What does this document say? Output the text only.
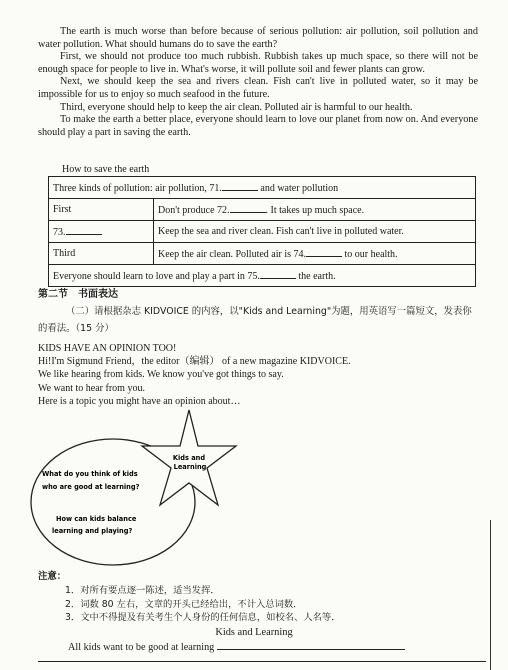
The earth is much worse than before because of serious pollution: air pollution, soil pollution and water pollution. What should humans do to save the earth?

First, we should not produce too much rubbish. Rubbish takes up much space, so there will not be enough space for people to live in. What's worse, it will pollute soil and fewer plants can grow.

Next, we should keep the sea and rivers clean. Fish can't live in polluted water, so it may be impossible for us to enjoy so much seafood in the future.

Third, everyone should help to keep the air clean. Polluted air is harmful to our health.

To make the earth a better place, everyone should learn to love our planet from now on. And everyone should play a part in saving the earth.

How to save the earth
Three kinds of pollution: air pollution, 71. and water pollution	
First	Don't produce 72. . It takes up much space.
73.	Keep the sea and river clean. Fish can't live in polluted water.
Third	Keep the air clean. Polluted air is 74. to our health.
Everyone should learn to love and play a part in 75. the earth.	
第二节　书面表达
（二）请根据杂志 KIDVOICE 的内容，以"Kids and Learning"为题，用英语写一篇短文，发表你的看法。（15 分）
KIDS HAVE AN OPINION TOO!
Hi!I'm Sigmund Friend，the editor（编辑） of a new magazine KIDVOICE.
We like hearing from kids. We know you've got things to say.
We want to hear from you.
Here is a topic you might have an opinion about…
Kids and
Learning
What do you think of kids
who are good at learning?
How can kids balance
learning and playing?
注意：
1．对所有要点逐一陈述，适当发挥．
2．词数 80 左右，文章的开头已经给出，不计入总词数．
3．文中不得提及有关考生个人身份的任何信息，如校名、人名等．
Kids and Learning
All kids want to be good at learning
